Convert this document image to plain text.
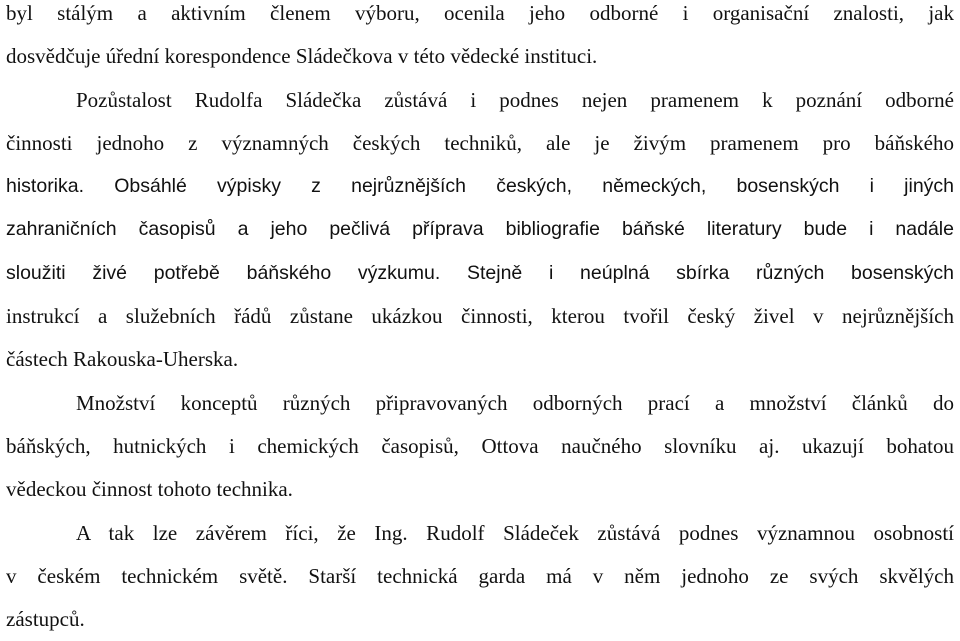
byl stálým a aktivním členem výboru, ocenila jeho odborné i organisační znalosti, jak
dosvědčuje úřední korespondence Sládečkova v této vědecké instituci.
Pozůstalost Rudolfa Sládečka zůstává i podnes nejen pramenem k poznání odborné
činnosti jednoho z významných českých techniků, ale je živým pramenem pro báňského
historika. Obsáhlé výpisky z nejrůznějších českých, německých, bosenských i jiných
zahraničních časopisů a jeho pečlivá příprava bibliografie báňské literatury bude i nadále
sloužiti živé potřebě báňského výzkumu. Stejně i neúplná sbírka různých bosenských
instrukcí a služebních řádů zůstane ukázkou činnosti, kterou tvořil český živel v nejrůznějších
částech Rakouska-Uherska.
Množství konceptů různých připravovaných odborných prací a množství článků do
báňských, hutnických i chemických časopisů, Ottova naučného slovníku aj. ukazují bohatou
vědeckou činnost tohoto technika.
A tak lze závěrem říci, že Ing. Rudolf Sládeček zůstává podnes významnou osobností
v českém technickém světě. Starší technická garda má v něm jednoho ze svých skvělých
zástupců.
